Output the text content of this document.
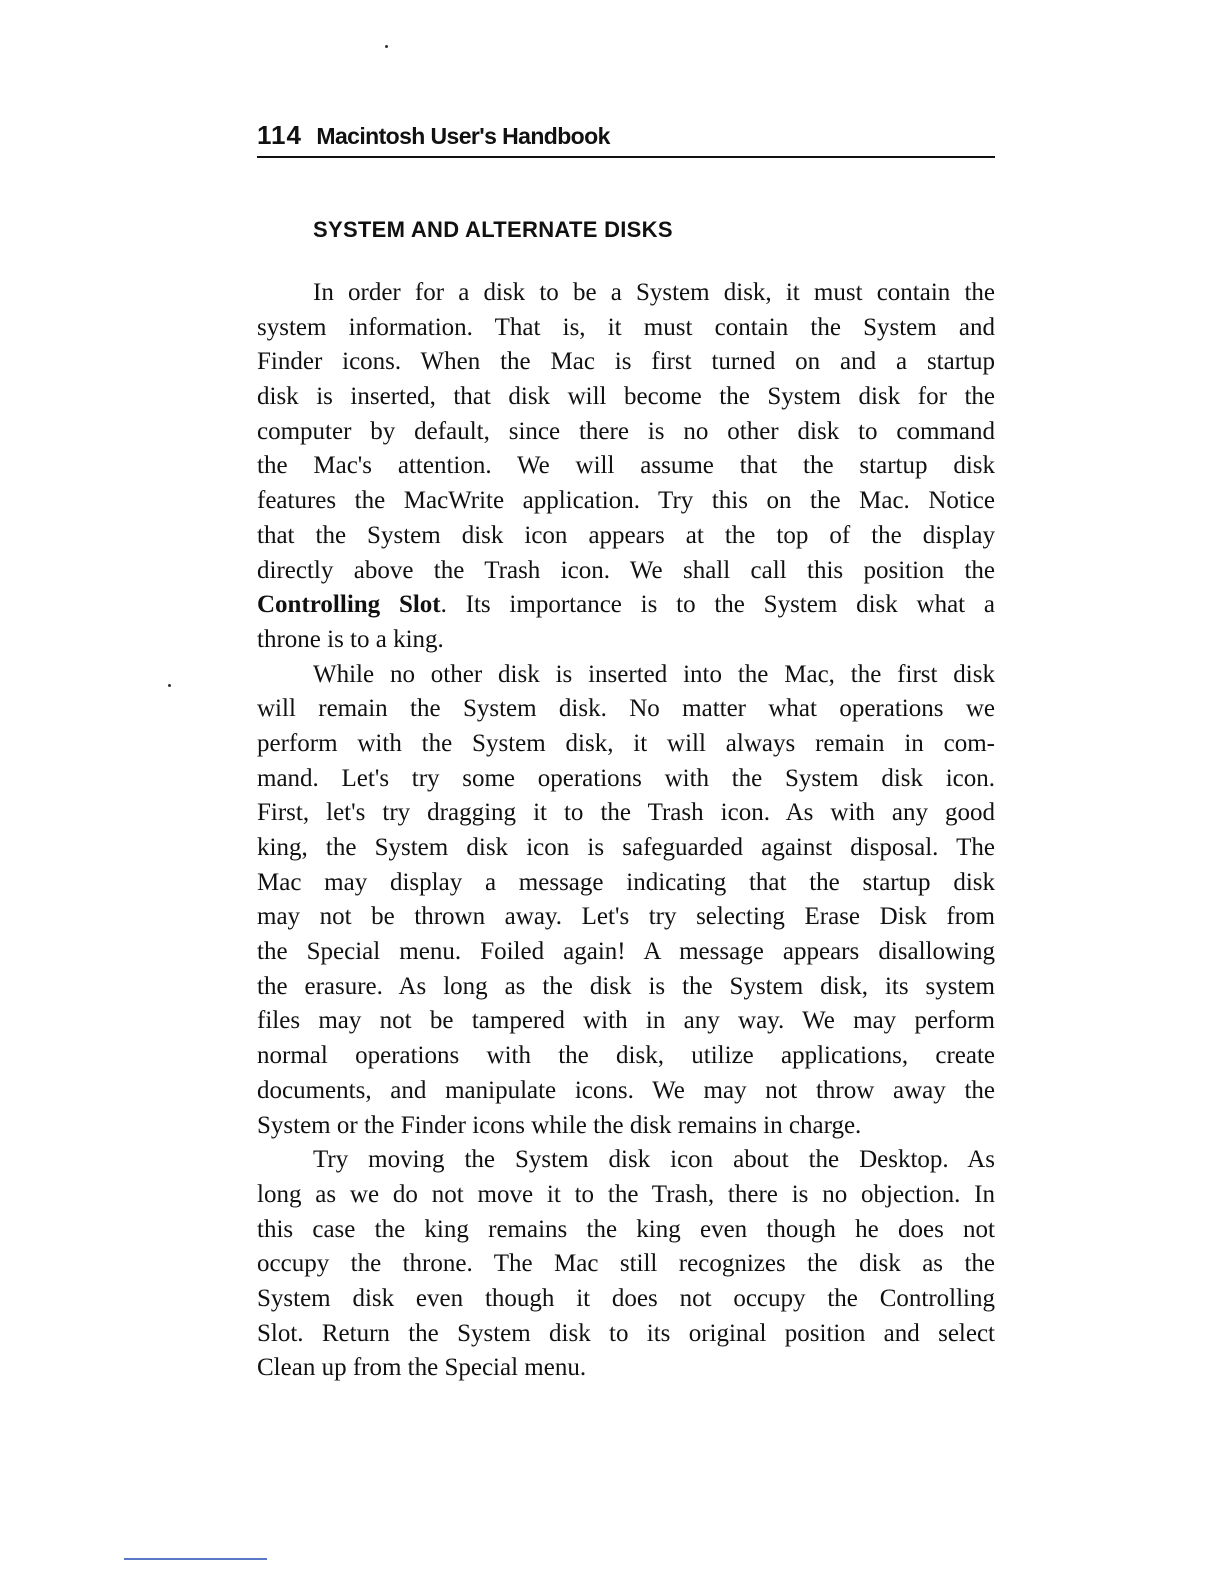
114 Macintosh User's Handbook
SYSTEM AND ALTERNATE DISKS
In order for a disk to be a System disk, it must contain the
system information. That is, it must contain the System and
Finder icons. When the Mac is first turned on and a startup
disk is inserted, that disk will become the System disk for the
computer by default, since there is no other disk to command
the Mac's attention. We will assume that the startup disk
features the MacWrite application. Try this on the Mac. Notice
that the System disk icon appears at the top of the display
directly above the Trash icon. We shall call this position the
Controlling Slot. Its importance is to the System disk what a
throne is to a king.
While no other disk is inserted into the Mac, the first disk
will remain the System disk. No matter what operations we
perform with the System disk, it will always remain in com-
mand. Let's try some operations with the System disk icon.
First, let's try dragging it to the Trash icon. As with any good
king, the System disk icon is safeguarded against disposal. The
Mac may display a message indicating that the startup disk
may not be thrown away. Let's try selecting Erase Disk from
the Special menu. Foiled again! A message appears disallowing
the erasure. As long as the disk is the System disk, its system
files may not be tampered with in any way. We may perform
normal operations with the disk, utilize applications, create
documents, and manipulate icons. We may not throw away the
System or the Finder icons while the disk remains in charge.
Try moving the System disk icon about the Desktop. As
long as we do not move it to the Trash, there is no objection. In
this case the king remains the king even though he does not
occupy the throne. The Mac still recognizes the disk as the
System disk even though it does not occupy the Controlling
Slot. Return the System disk to its original position and select
Clean up from the Special menu.
